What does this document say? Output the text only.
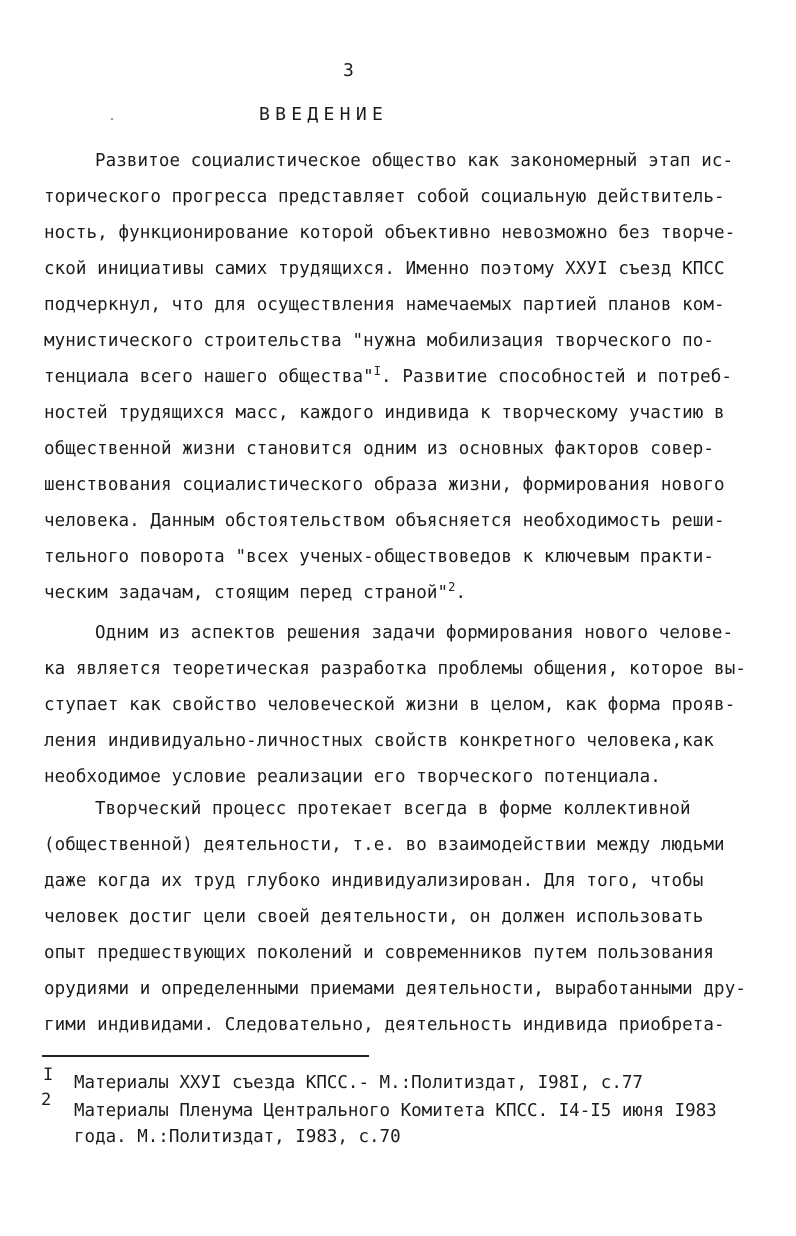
3
ВВЕДЕНИЕ
Развитое социалистическое общество как закономерный этап ис-
торического прогресса представляет собой социальную действитель-
ность, функционирование которой объективно невозможно без творче-
ской инициативы самих трудящихся. Именно поэтому XXУI съезд КПСС
подчеркнул, что для осуществления намечаемых партией планов ком-
мунистического строительства "нужна мобилизация творческого по-
тенциала всего нашего общества"$^I$. Развитие способностей и потреб-
ностей трудящихся масс, каждого индивида к творческому участию в
общественной жизни становится одним из основных факторов совер-
шенствования социалистического образа жизни, формирования нового
человека. Данным обстоятельством объясняется необходимость реши-
тельного поворота "всех ученых-обществоведов к ключевым практи-
ческим задачам, стоящим перед страной"$^2$.
Одним из аспектов решения задачи формирования нового челове-
ка является теоретическая разработка проблемы общения, которое вы-
ступает как свойство человеческой жизни в целом, как форма прояв-
ления индивидуально-личностных свойств конкретного человека,как
необходимое условие реализации его творческого потенциала.
Творческий процесс протекает всегда в форме коллективной
(общественной) деятельности, т.е. во взаимодействии между людьми
даже когда их труд глубоко индивидуализирован. Для того, чтобы
человек достиг цели своей деятельности, он должен использовать
опыт предшествующих поколений и современников путем пользования
орудиями и определенными приемами деятельности, выработанными дру-
гими индивидами. Следовательно, деятельность индивида приобрета-
I Материалы XXУI съезда КПСС.- М.:Политиздат, I98I, с.77
2
Материалы Пленума Центрального Комитета КПСС. I4-I5 июня I983
года. М.:Политиздат, I983, с.70
